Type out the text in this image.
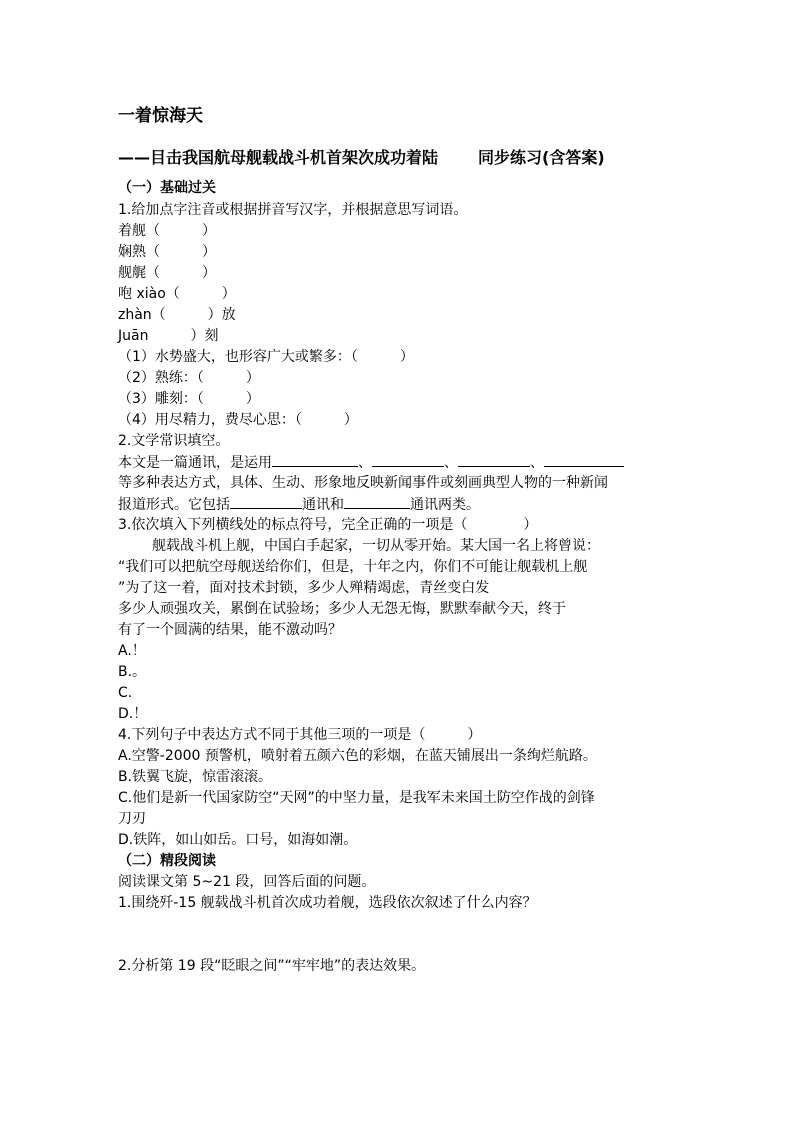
一着惊海天
——目击我国航母舰载战斗机首架次成功着陆	同步练习(含答案)
（一）基础过关
1.给加点字注音或根据拼音写汉字，并根据意思写词语。
着舰（　　　）
娴熟（　　　）
舰艉（　　　）
咆 xiào（　　　）
zhàn（　　　）放
Juān　　　）刻
（1）水势盛大，也形容广大或繁多：（　　　）
（2）熟练：（　　　）
（3）雕刻：（　　　）
（4）用尽精力，费尽心思：（　　　）
2.文学常识填空。
本文是一篇通讯，是运用	、	、	、
等多种表达方式，具体、生动、形象地反映新闻事件或刻画典型人物的一种新闻
报道形式。它包括	通讯和	通讯两类。
3.依次填入下列横线处的标点符号，完全正确的一项是（　　　　）
舰载战斗机上舰，中国白手起家，一切从零开始。某大国一名上将曾说：
“我们可以把航空母舰送给你们，但是，十年之内，你们不可能让舰载机上舰
”为了这一着，面对技术封锁，多少人殚精竭虑，青丝变白发
多少人顽强攻关，累倒在试验场；多少人无怨无悔，默默奉献今天，终于
有了一个圆满的结果，能不激动吗？
A.！
B.。
C.
D.！
4.下列句子中表达方式不同于其他三项的一项是（　　　）
A.空警-2000 预警机，喷射着五颜六色的彩烟，在蓝天铺展出一条绚烂航路。
B.铁翼飞旋，惊雷滚滚。
C.他们是新一代国家防空“天网”的中坚力量，是我军未来国土防空作战的剑锋
刀刃
D.铁阵，如山如岳。口号，如海如潮。
（二）精段阅读
阅读课文第 5~21 段，回答后面的问题。
1.围绕歼-15 舰载战斗机首次成功着舰，选段依次叙述了什么内容？
2.分析第 19 段“眨眼之间”“牢牢地”的表达效果。
